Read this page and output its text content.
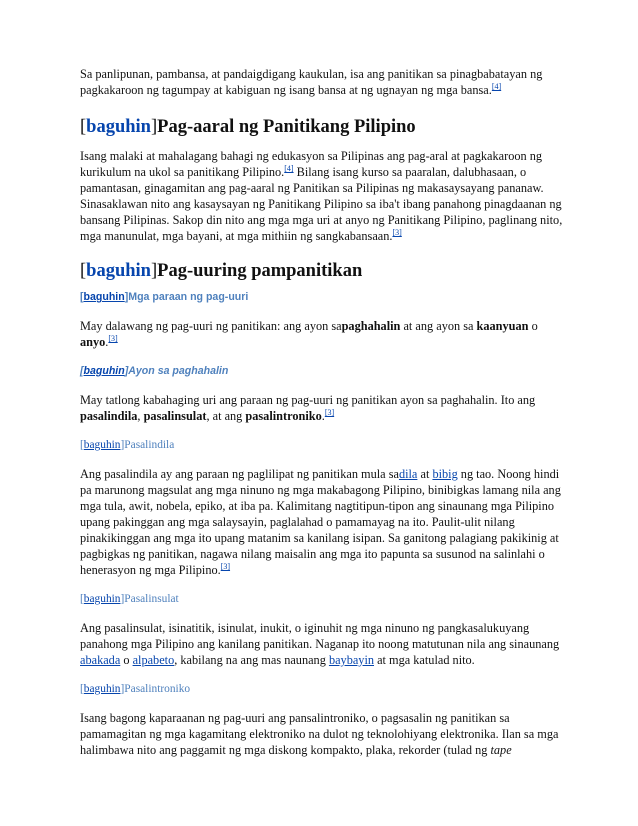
Sa panlipunan, pambansa, at pandaigdigang kaukulan, isa ang panitikan sa pinagbabatayan ng pagkakaroon ng tagumpay at kabiguan ng isang bansa at ng ugnayan ng mga bansa.[4]

[baguhin]Pag-aaral ng Panitikang Pilipino

Isang malaki at mahalagang bahagi ng edukasyon sa Pilipinas ang pag-aral at pagkakaroon ng kurikulum na ukol sa panitikang Pilipino.[4] Bilang isang kurso sa paaralan, dalubhasaan, o pamantasan, ginagamitan ang pag-aaral ng Panitikan sa Pilipinas ng makasaysayang pananaw. Sinasaklawan nito ang kasaysayan ng Panitikang Pilipino sa iba't ibang panahong pinagdaanan ng bansang Pilipinas. Sakop din nito ang mga mga uri at anyo ng Panitikang Pilipino, paglinang nito, mga manunulat, mga bayani, at mga mithiin ng sangkabansaan.[3]

[baguhin]Pag-uuring pampanitikan
[baguhin]Mga paraan ng pag-uuri

May dalawang ng pag-uuri ng panitikan: ang ayon sapaghahalin at ang ayon sa kaanyuan o anyo.[3]

[baguhin]Ayon sa paghahalin

May tatlong kabahaging uri ang paraan ng pag-uuri ng panitikan ayon sa paghahalin. Ito ang pasalindila, pasalinsulat, at ang pasalintroniko.[3]

[baguhin]Pasalindila

Ang pasalindila ay ang paraan ng paglilipat ng panitikan mula sadila at bibig ng tao. Noong hindi pa marunong magsulat ang mga ninuno ng mga makabagong Pilipino, binibigkas lamang nila ang mga tula, awit, nobela, epiko, at iba pa. Kalimitang nagtitipun-tipon ang sinaunang mga Pilipino upang pakinggan ang mga salaysayin, paglalahad o pamamayag na ito. Paulit-ulit nilang pinakikinggan ang mga ito upang matanim sa kanilang isipan. Sa ganitong palagiang pakikinig at pagbigkas ng panitikan, nagawa nilang maisalin ang mga ito papunta sa susunod na salinlahi o henerasyon ng mga Pilipino.[3]

[baguhin]Pasalinsulat

Ang pasalinsulat, isinatitik, isinulat, inukit, o iginuhit ng mga ninuno ng pangkasalukuyang panahong mga Pilipino ang kanilang panitikan. Naganap ito noong matutunan nila ang sinaunang abakada o alpabeto, kabilang na ang mas naunang baybayin at mga katulad nito.

[baguhin]Pasalintroniko

Isang bagong kaparaanan ng pag-uuri ang pansalintroniko, o pagsasalin ng panitikan sa pamamagitan ng mga kagamitang elektroniko na dulot ng teknolohiyang elektronika. Ilan sa mga halimbawa nito ang paggamit ng mga diskong kompakto, plaka, rekorder (tulad ng tape
